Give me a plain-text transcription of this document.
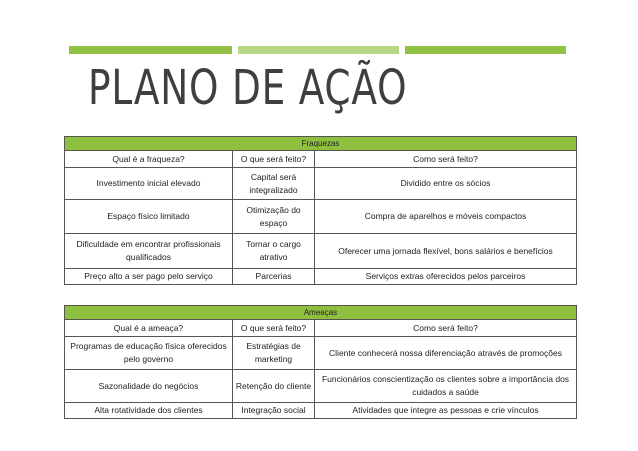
PLANO DE AÇÃO
Fraquezas		
Qual é a fraqueza?	O que será feito?	Como será feito?
Investimento inicial elevado	Capital será integralizado	Dividido entre os sócios
Espaço físico limitado	Otimização do espaço	Compra de aparelhos e móveis compactos
Dificuldade em encontrar profissionais qualificados	Tornar o cargo atrativo	Oferecer uma jornada flexível, bons salários e benefícios
Preço alto a ser pago pelo serviço	Parcerias	Serviços extras oferecidos pelos parceiros
Ameaças		
Qual é a ameaça?	O que será feito?	Como será feito?
Programas de educação física oferecidos pelo governo	Estratégias de marketing	Cliente conhecerá nossa diferenciação através de promoções
Sazonalidade do negócios	Retenção do cliente	Funcionários conscientização os clientes sobre a importância dos cuidados a saúde
Alta rotatividade dos clientes	Integração social	Atividades que integre as pessoas e crie vínculos
